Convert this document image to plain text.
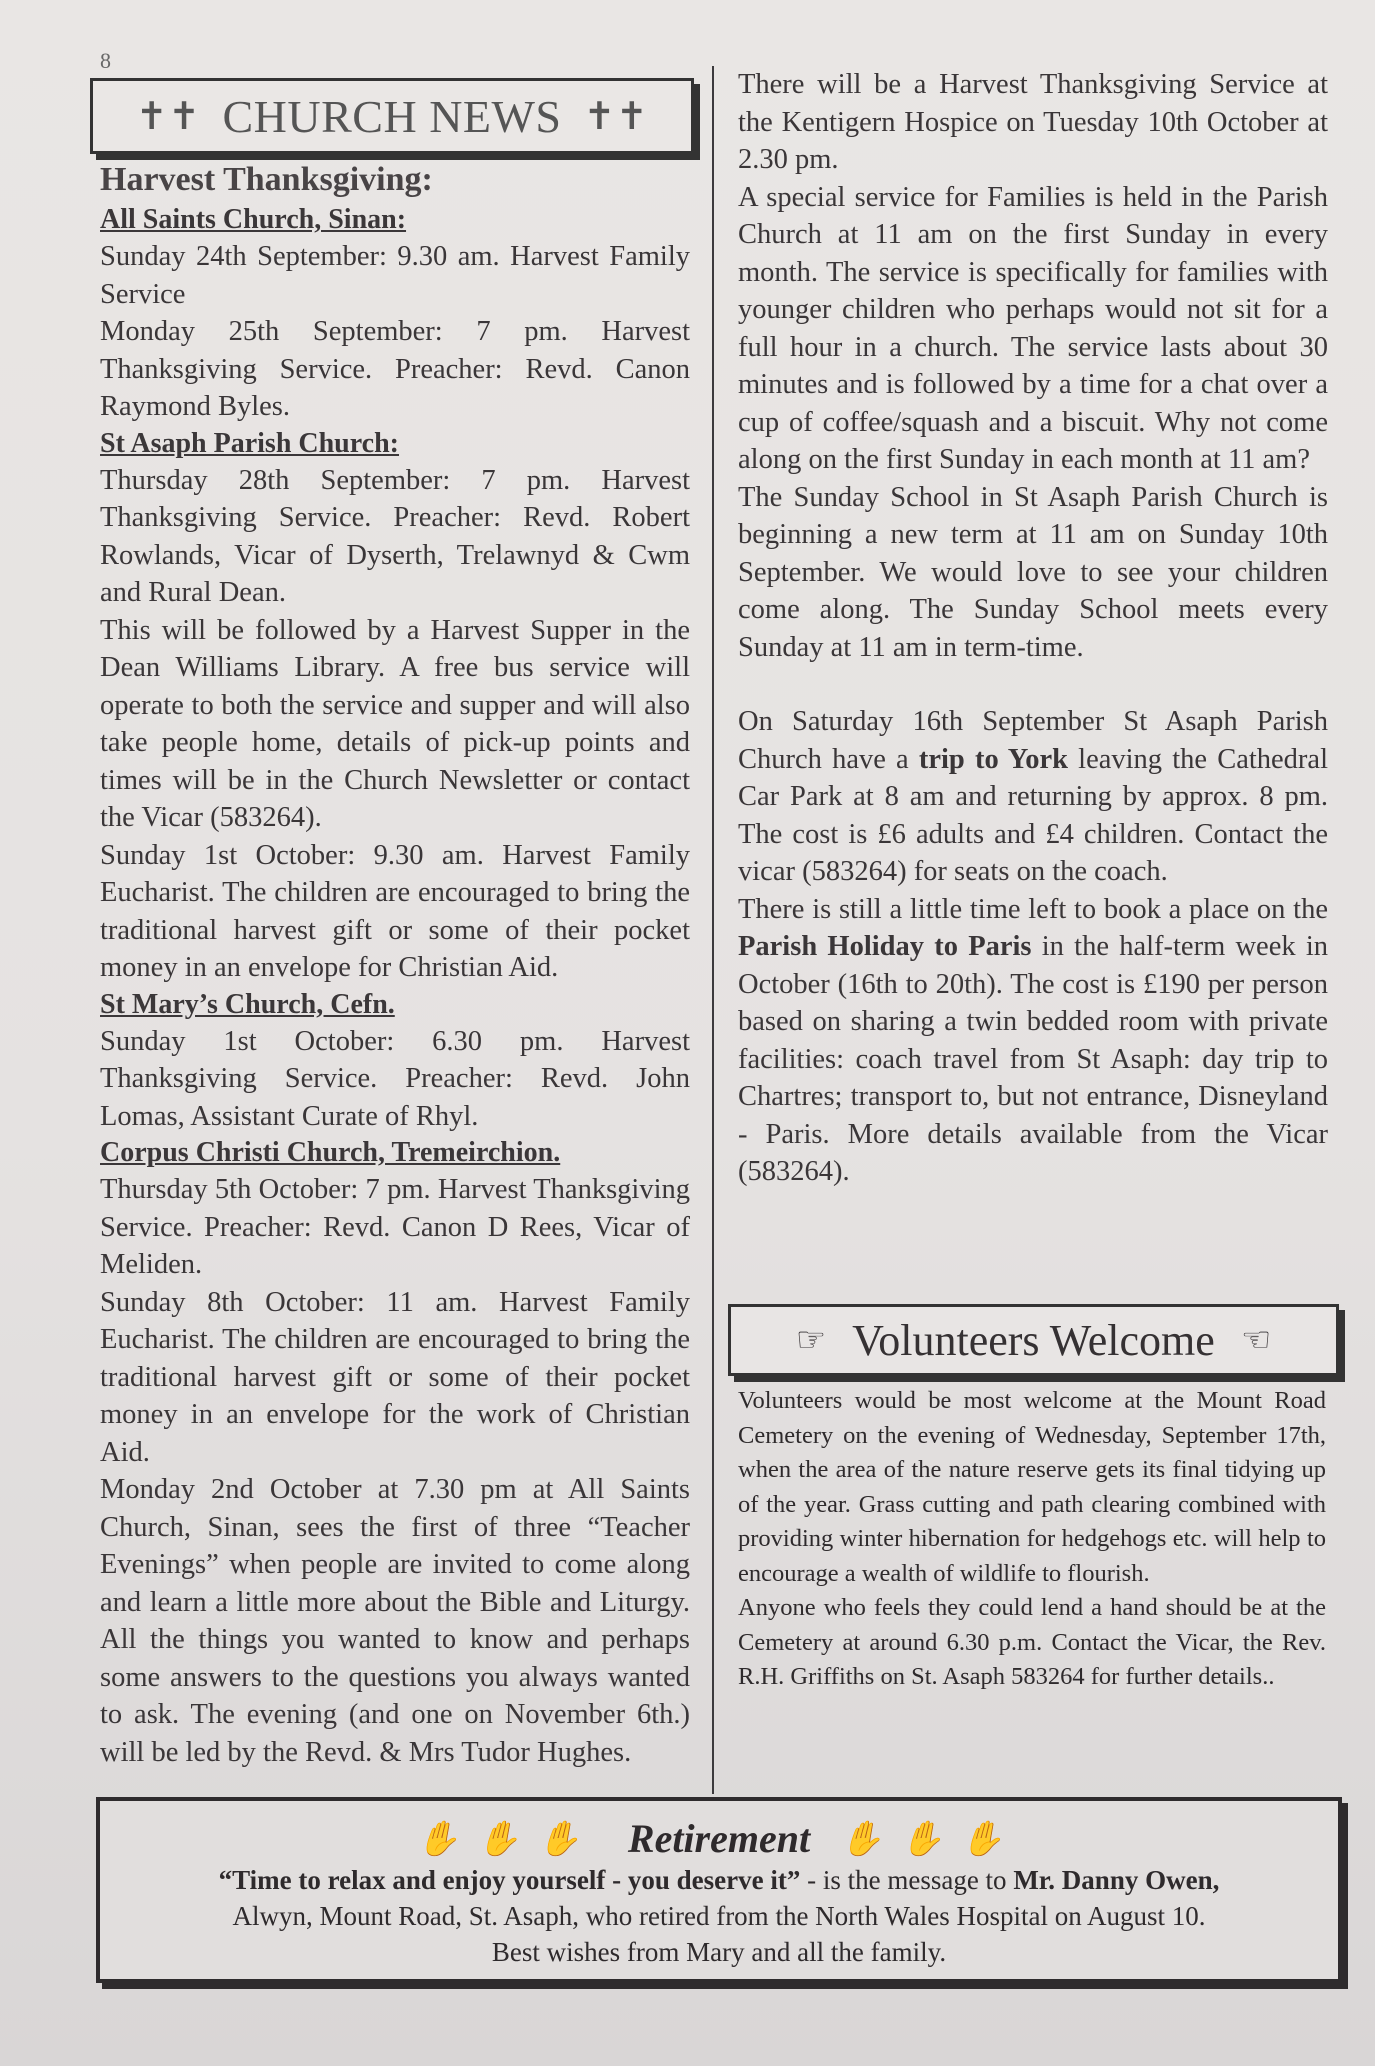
8
✝✝ CHURCH NEWS ✝✝
Harvest Thanksgiving:
All Saints Church, Sinan:

Sunday 24th September: 9.30 am. Harvest Family Service

Monday 25th September: 7 pm. Harvest Thanksgiving Service. Preacher: Revd. Canon Raymond Byles.

St Asaph Parish Church:

Thursday 28th September: 7 pm. Harvest Thanksgiving Service. Preacher: Revd. Robert Rowlands, Vicar of Dyserth, Trelawnyd & Cwm and Rural Dean.

This will be followed by a Harvest Supper in the Dean Williams Library. A free bus service will operate to both the service and supper and will also take people home, details of pick-up points and times will be in the Church Newsletter or contact the Vicar (583264).

Sunday 1st October: 9.30 am. Harvest Family Eucharist. The children are encouraged to bring the traditional harvest gift or some of their pocket money in an envelope for Christian Aid.

St Mary’s Church, Cefn.

Sunday 1st October: 6.30 pm. Harvest Thanksgiving Service. Preacher: Revd. John Lomas, Assistant Curate of Rhyl.

Corpus Christi Church, Tremeirchion.

Thursday 5th October: 7 pm. Harvest Thanksgiving Service. Preacher: Revd. Canon D Rees, Vicar of Meliden.

Sunday 8th October: 11 am. Harvest Family Eucharist. The children are encouraged to bring the traditional harvest gift or some of their pocket money in an envelope for the work of Christian Aid.

Monday 2nd October at 7.30 pm at All Saints Church, Sinan, sees the first of three “Teacher Evenings” when people are invited to come along and learn a little more about the Bible and Liturgy. All the things you wanted to know and perhaps some answers to the questions you always wanted to ask. The evening (and one on November 6th.) will be led by the Revd. & Mrs Tudor Hughes.

There will be a Harvest Thanksgiving Service at the Kentigern Hospice on Tuesday 10th October at 2.30 pm.

A special service for Families is held in the Parish Church at 11 am on the first Sunday in every month. The service is specifically for families with younger children who perhaps would not sit for a full hour in a church. The service lasts about 30 minutes and is followed by a time for a chat over a cup of coffee/squash and a biscuit. Why not come along on the first Sunday in each month at 11 am?

The Sunday School in St Asaph Parish Church is beginning a new term at 11 am on Sunday 10th September. We would love to see your children come along. The Sunday School meets every Sunday at 11 am in term-time.

On Saturday 16th September St Asaph Parish Church have a trip to York leaving the Cathedral Car Park at 8 am and returning by approx. 8 pm. The cost is £6 adults and £4 children. Contact the vicar (583264) for seats on the coach.

There is still a little time left to book a place on the Parish Holiday to Paris in the half-term week in October (16th to 20th). The cost is £190 per person based on sharing a twin bedded room with private facilities: coach travel from St Asaph: day trip to Chartres; transport to, but not entrance, Disneyland - Paris. More details available from the Vicar (583264).

☞ Volunteers Welcome ☜

Volunteers would be most welcome at the Mount Road Cemetery on the evening of Wednesday, September 17th, when the area of the nature reserve gets its final tidying up of the year. Grass cutting and path clearing combined with providing winter hibernation for hedgehogs etc. will help to encourage a wealth of wildlife to flourish.

Anyone who feels they could lend a hand should be at the Cemetery at around 6.30 p.m. Contact the Vicar, the Rev. R.H. Griffiths on St. Asaph 583264 for further details..

✋✋✋ Retirement ✋✋✋
“Time to relax and enjoy yourself - you deserve it” - is the message to Mr. Danny Owen,
Alwyn, Mount Road, St. Asaph, who retired from the North Wales Hospital on August 10.
Best wishes from Mary and all the family.
